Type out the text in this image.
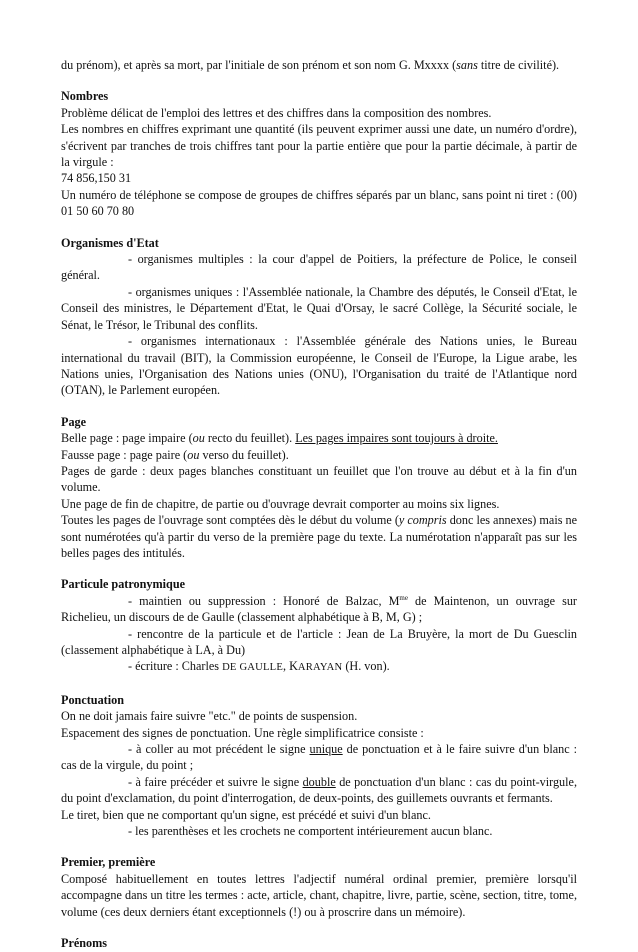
du prénom), et après sa mort, par l'initiale de son prénom et son nom G. Mxxxx (sans titre de civilité).

Nombres

Problème délicat de l'emploi des lettres et des chiffres dans la composition des nombres.

Les nombres en chiffres exprimant une quantité (ils peuvent exprimer aussi une date, un numéro d'ordre), s'écrivent par tranches de trois chiffres tant pour la partie entière que pour la partie décimale, à partir de la virgule :

74 856,150 31

Un numéro de téléphone se compose de groupes de chiffres séparés par un blanc, sans point ni tiret : (00) 01 50 60 70 80

Organismes d'Etat

- organismes multiples : la cour d'appel de Poitiers, la préfecture de Police, le conseil général.

- organismes uniques : l'Assemblée nationale, la Chambre des députés, le Conseil d'Etat, le Conseil des ministres, le Département d'Etat, le Quai d'Orsay, le sacré Collège, la Sécurité sociale, le Sénat, le Trésor, le Tribunal des conflits.

- organismes internationaux : l'Assemblée générale des Nations unies, le Bureau international du travail (BIT), la Commission européenne, le Conseil de l'Europe, la Ligue arabe, les Nations unies, l'Organisation des Nations unies (ONU), l'Organisation du traité de l'Atlantique nord (OTAN), le Parlement européen.

Page

Belle page : page impaire (ou recto du feuillet). Les pages impaires sont toujours à droite.

Fausse page : page paire (ou verso du feuillet).

Pages de garde : deux pages blanches constituant un feuillet que l'on trouve au début et à la fin d'un volume.

Une page de fin de chapitre, de partie ou d'ouvrage devrait comporter au moins six lignes.

Toutes les pages de l'ouvrage sont comptées dès le début du volume (y compris donc les annexes) mais ne sont numérotées qu'à partir du verso de la première page du texte. La numérotation n'apparaît pas sur les belles pages des intitulés.

Particule patronymique

- maintien ou suppression : Honoré de Balzac, $M^{me}$ de Maintenon, un ouvrage sur Richelieu, un discours de de Gaulle (classement alphabétique à B, M, G) ;

- rencontre de la particule et de l'article : Jean de La Bruyère, la mort de Du Guesclin (classement alphabétique à LA, à Du)

- écriture : Charles DE GAULLE, KARAYAN (H. von).

Ponctuation

On ne doit jamais faire suivre "etc." de points de suspension.

Espacement des signes de ponctuation. Une règle simplificatrice consiste :

- à coller au mot précédent le signe unique de ponctuation et à le faire suivre d'un blanc : cas de la virgule, du point ;

- à faire précéder et suivre le signe double de ponctuation d'un blanc : cas du point-virgule, du point d'exclamation, du point d'interrogation, de deux-points, des guillemets ouvrants et fermants.

Le tiret, bien que ne comportant qu'un signe, est précédé et suivi d'un blanc.

- les parenthèses et les crochets ne comportent intérieurement aucun blanc.

Premier, première

Composé habituellement en toutes lettres l'adjectif numéral ordinal premier, première lorsqu'il accompagne dans un titre les termes : acte, article, chant, chapitre, livre, partie, scène, section, titre, tome, volume (ces deux derniers étant exceptionnels (!) ou à proscrire dans un mémoire).

Prénoms
